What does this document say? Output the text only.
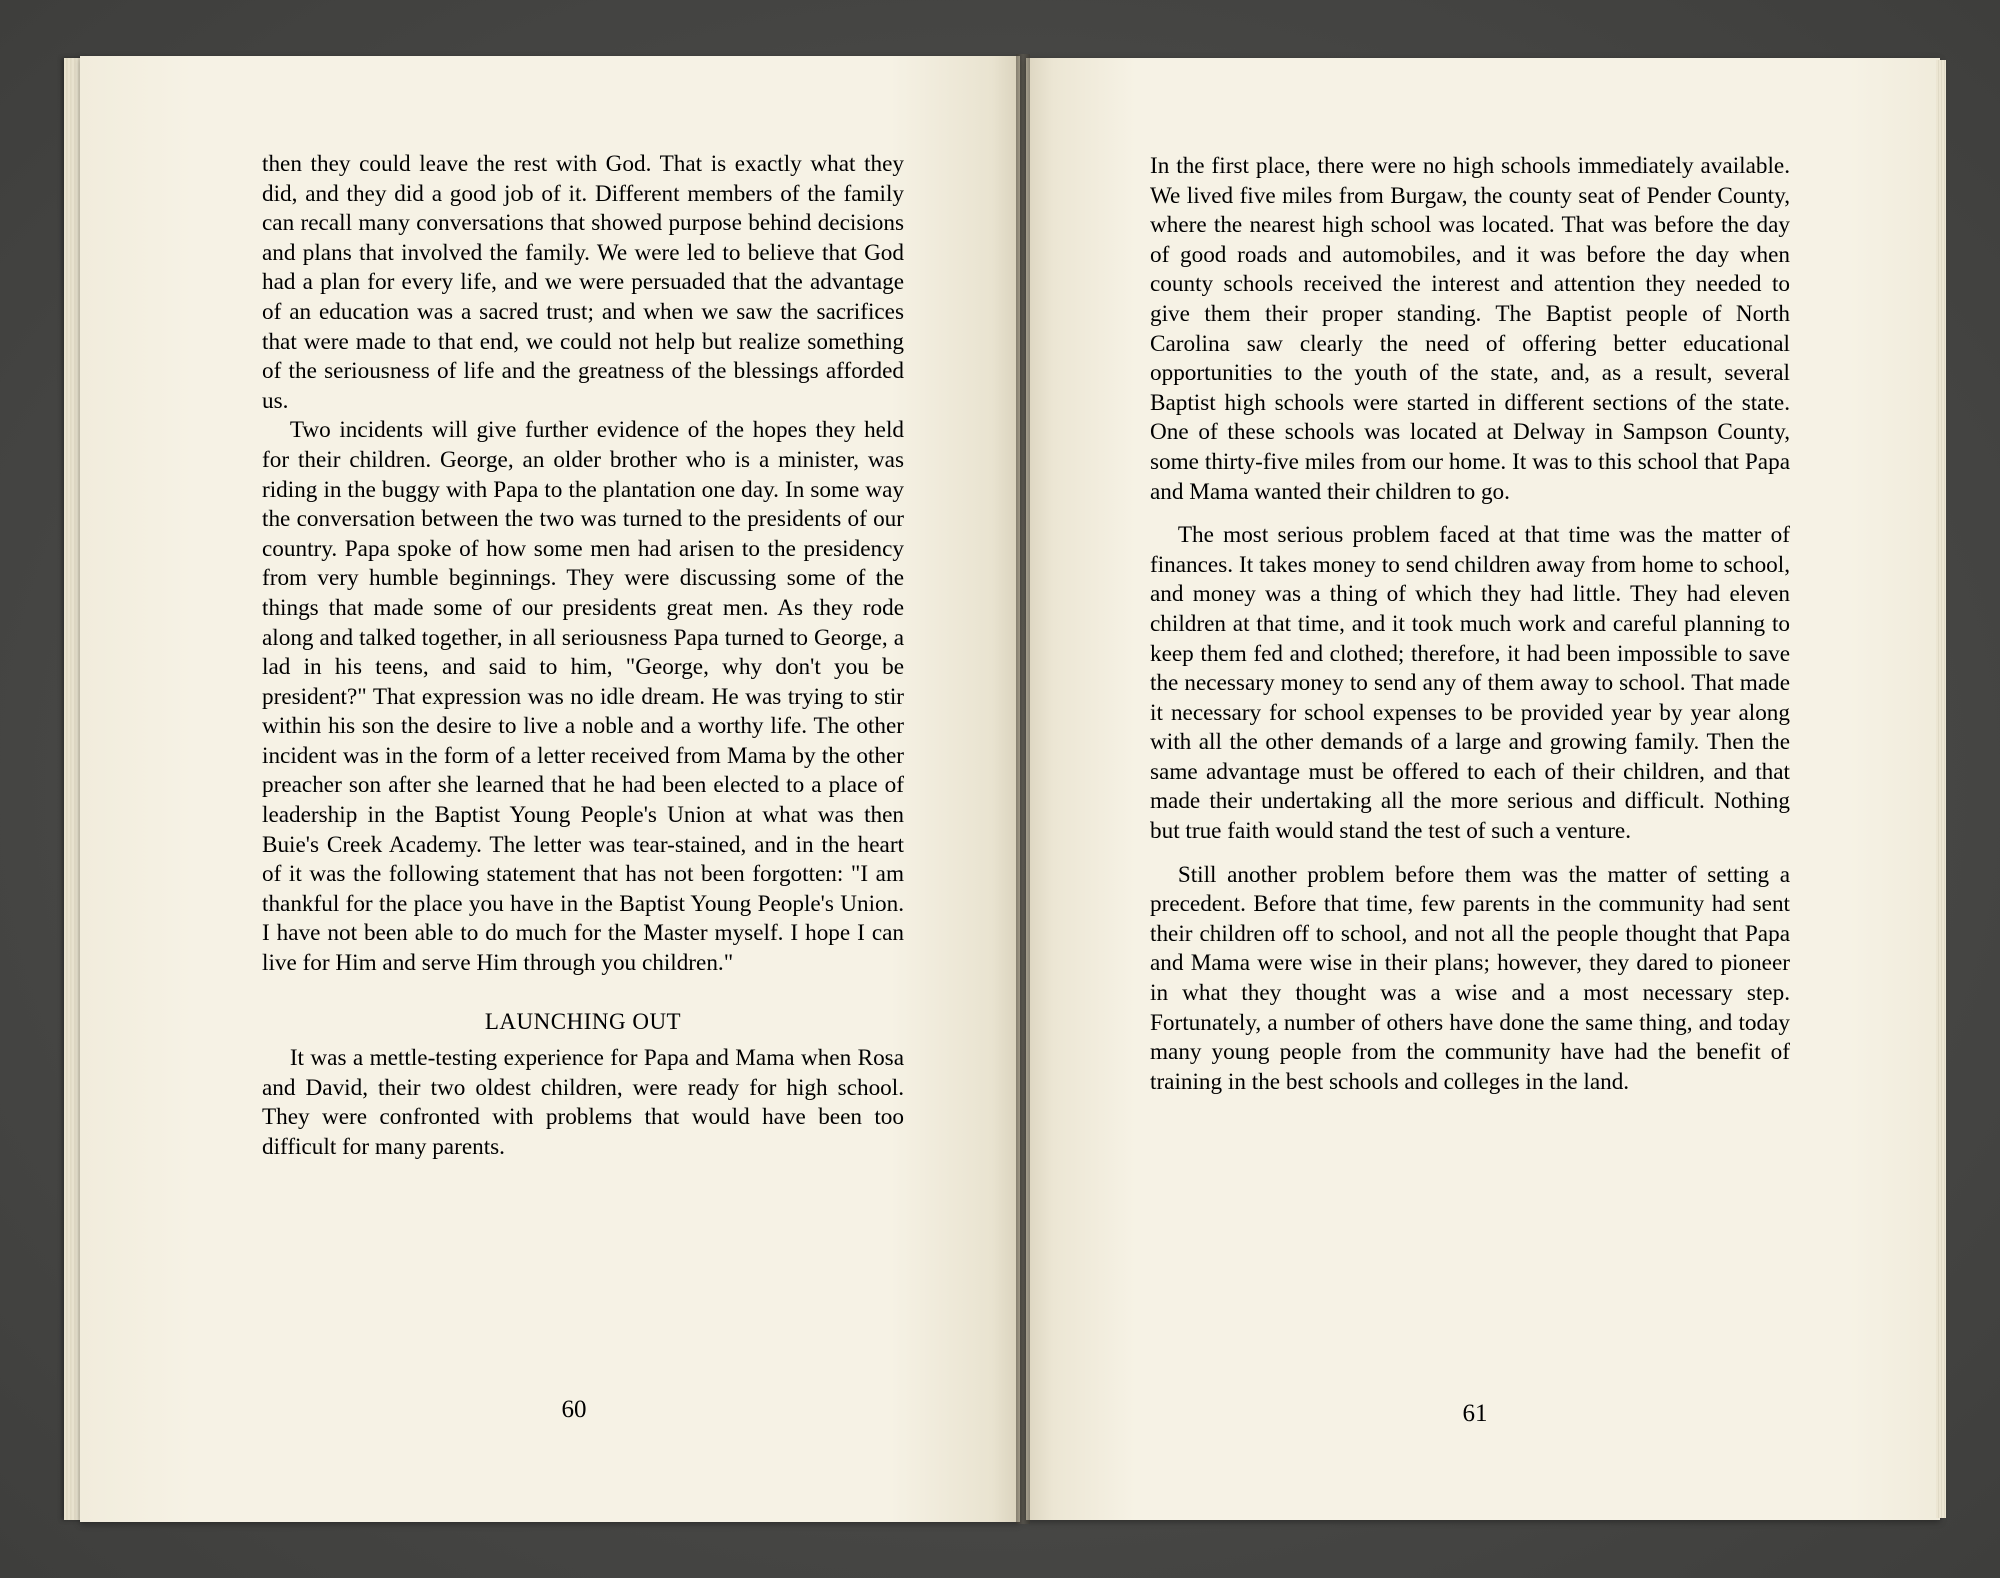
then they could leave the rest with God. That is exactly what they did, and they did a good job of it. Different members of the family can recall many conversations that showed purpose behind decisions and plans that involved the family. We were led to believe that God had a plan for every life, and we were persuaded that the advantage of an education was a sacred trust; and when we saw the sacrifices that were made to that end, we could not help but realize something of the seriousness of life and the greatness of the blessings afforded us.

Two incidents will give further evidence of the hopes they held for their children. George, an older brother who is a minister, was riding in the buggy with Papa to the plantation one day. In some way the conversation between the two was turned to the presidents of our country. Papa spoke of how some men had arisen to the presidency from very humble beginnings. They were discussing some of the things that made some of our presidents great men. As they rode along and talked together, in all seriousness Papa turned to George, a lad in his teens, and said to him, "George, why don't you be president?" That expression was no idle dream. He was trying to stir within his son the desire to live a noble and a worthy life. The other incident was in the form of a letter received from Mama by the other preacher son after she learned that he had been elected to a place of leadership in the Baptist Young People's Union at what was then Buie's Creek Academy. The letter was tear-stained, and in the heart of it was the following statement that has not been forgotten: "I am thankful for the place you have in the Baptist Young People's Union. I have not been able to do much for the Master myself. I hope I can live for Him and serve Him through you children."

LAUNCHING OUT

It was a mettle-testing experience for Papa and Mama when Rosa and David, their two oldest children, were ready for high school. They were confronted with problems that would have been too difficult for many parents.

60

In the first place, there were no high schools immediately available. We lived five miles from Burgaw, the county seat of Pender County, where the nearest high school was located. That was before the day of good roads and automobiles, and it was before the day when county schools received the interest and attention they needed to give them their proper standing. The Baptist people of North Carolina saw clearly the need of offering better educational opportunities to the youth of the state, and, as a result, several Baptist high schools were started in different sections of the state. One of these schools was located at Delway in Sampson County, some thirty-five miles from our home. It was to this school that Papa and Mama wanted their children to go.

The most serious problem faced at that time was the matter of finances. It takes money to send children away from home to school, and money was a thing of which they had little. They had eleven children at that time, and it took much work and careful planning to keep them fed and clothed; therefore, it had been impossible to save the necessary money to send any of them away to school. That made it necessary for school expenses to be provided year by year along with all the other demands of a large and growing family. Then the same advantage must be offered to each of their children, and that made their undertaking all the more serious and difficult. Nothing but true faith would stand the test of such a venture.

Still another problem before them was the matter of setting a precedent. Before that time, few parents in the community had sent their children off to school, and not all the people thought that Papa and Mama were wise in their plans; however, they dared to pioneer in what they thought was a wise and a most necessary step. Fortunately, a number of others have done the same thing, and today many young people from the community have had the benefit of training in the best schools and colleges in the land.

61
